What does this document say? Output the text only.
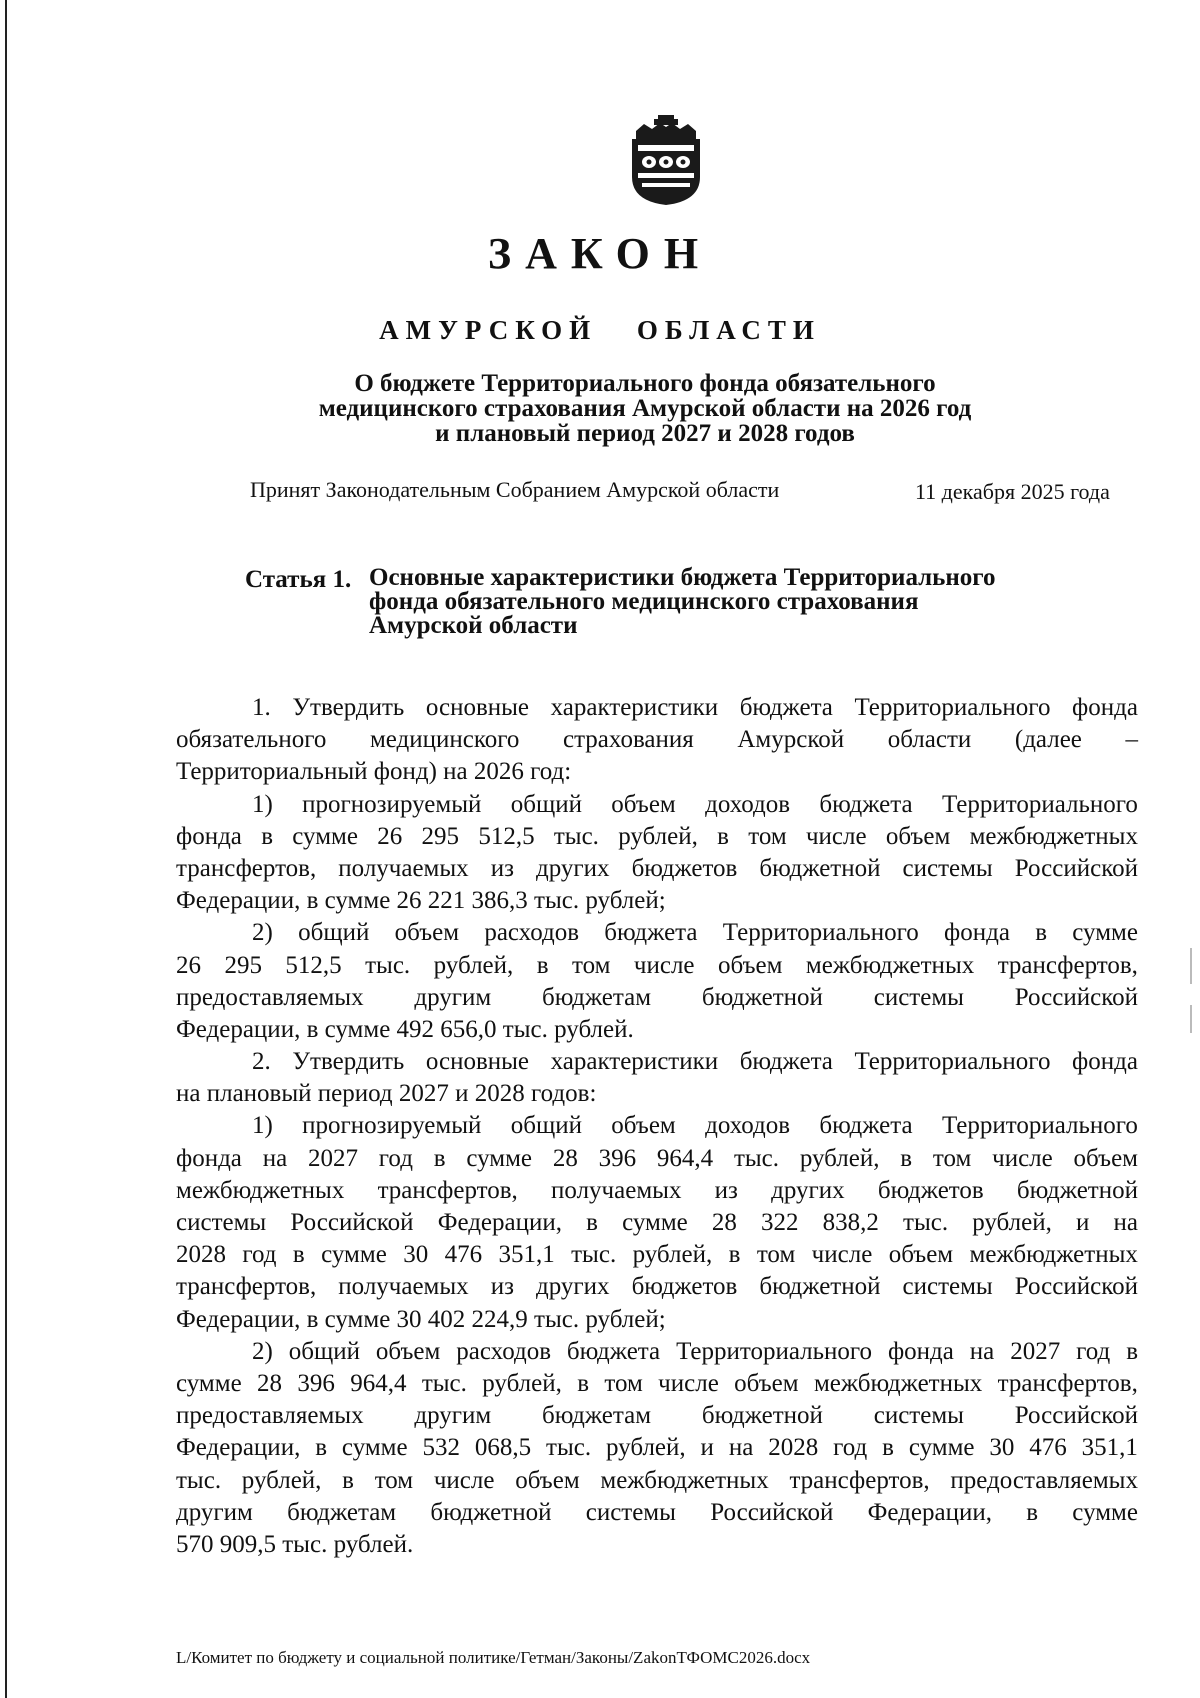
ЗАКОН
АМУРСКОЙ ОБЛАСТИ
О бюджете Территориального фонда обязательного
медицинского страхования Амурской области на 2026 год
и плановый период 2027 и 2028 годов
Принят Законодательным Собранием Амурской области	11 декабря 2025 года
Статья 1. Основные характеристики бюджета Территориального
фонда обязательного медицинского страхования
Амурской области
1. Утвердить основные характеристики бюджета Территориального фонда
обязательного медицинского страхования Амурской области (далее –
Территориальный фонд) на 2026 год:
1) прогнозируемый общий объем доходов бюджета Территориального
фонда в сумме 26 295 512,5 тыс. рублей, в том числе объем межбюджетных
трансфертов, получаемых из других бюджетов бюджетной системы Российской
Федерации, в сумме 26 221 386,3 тыс. рублей;
2) общий объем расходов бюджета Территориального фонда в сумме
26 295 512,5 тыс. рублей, в том числе объем межбюджетных трансфертов,
предоставляемых другим бюджетам бюджетной системы Российской
Федерации, в сумме 492 656,0 тыс. рублей.
2. Утвердить основные характеристики бюджета Территориального фонда
на плановый период 2027 и 2028 годов:
1) прогнозируемый общий объем доходов бюджета Территориального
фонда на 2027 год в сумме 28 396 964,4 тыс. рублей, в том числе объем
межбюджетных трансфертов, получаемых из других бюджетов бюджетной
системы Российской Федерации, в сумме 28 322 838,2 тыс. рублей, и на
2028 год в сумме 30 476 351,1 тыс. рублей, в том числе объем межбюджетных
трансфертов, получаемых из других бюджетов бюджетной системы Российской
Федерации, в сумме 30 402 224,9 тыс. рублей;
2) общий объем расходов бюджета Территориального фонда на 2027 год в
сумме 28 396 964,4 тыс. рублей, в том числе объем межбюджетных трансфертов,
предоставляемых другим бюджетам бюджетной системы Российской
Федерации, в сумме 532 068,5 тыс. рублей, и на 2028 год в сумме 30 476 351,1
тыс. рублей, в том числе объем межбюджетных трансфертов, предоставляемых
другим бюджетам бюджетной системы Российской Федерации, в сумме
570 909,5 тыс. рублей.
L/Комитет по бюджету и социальной политике/Гетман/Законы/ZakonТФОМС2026.docx
